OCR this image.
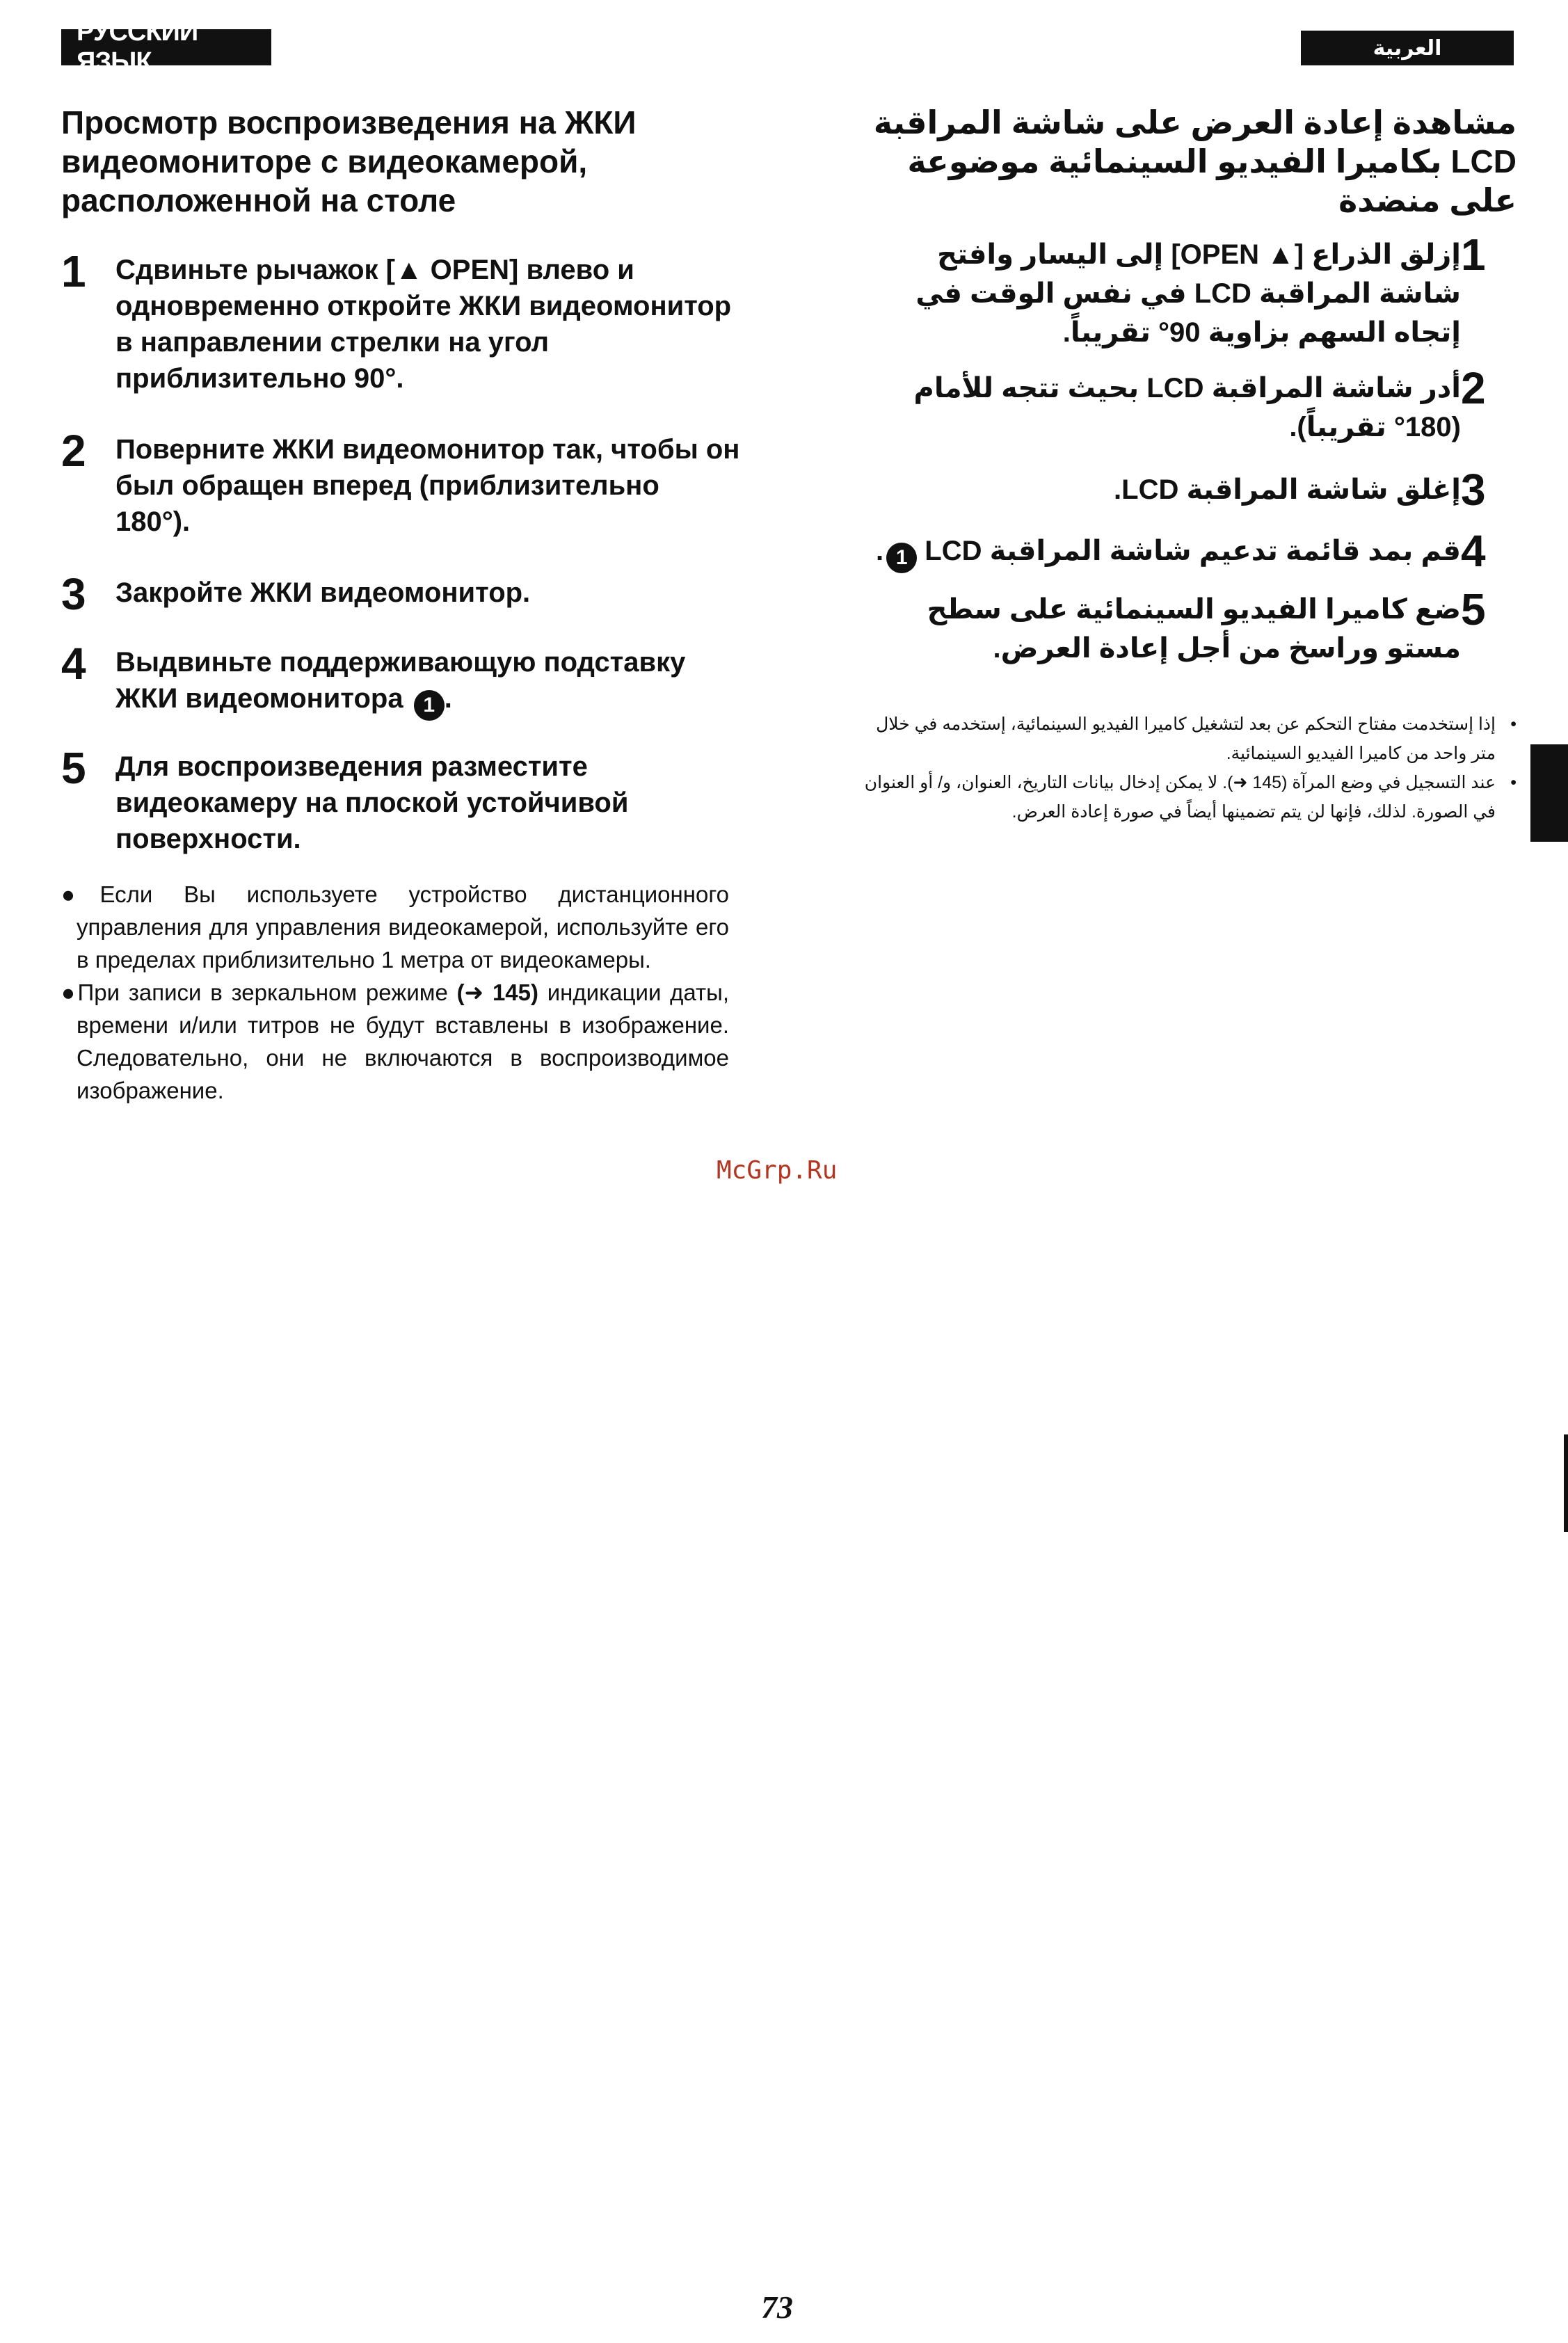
РУССКИЙ ЯЗЫК	العربية
Просмотр воспроизведения на ЖКИ видеомониторе с видеокамерой, расположенной на столе
1	Сдвиньте рычажок [▲ OPEN] влево и одновременно откройте ЖКИ видеомонитор в направлении стрелки на угол приблизительно 90°.
2	Поверните ЖКИ видеомонитор так, чтобы он был обращен вперед (приблизительно 180°).
3	Закройте ЖКИ видеомонитор.
4	Выдвиньте поддерживающую подставку ЖКИ видеомонитора 1 .
5	Для воспроизведения разместите видеокамеру на плоской устойчивой поверхности.
●Если Вы используете устройство дистанционного управления для управления видеокамерой, используйте его в пределах приблизительно 1 метра от видеокамеры.
●При записи в зеркальном режиме (➜ 145) индикации даты, времени и/или титров не будут вставлены в изображение. Следовательно, они не включаются в воспроизводимое изображение.
مشاهدة إعادة العرض على شاشة المراقبة LCD بكاميرا الفيديو السينمائية موضوعة على منضدة
1
إزلق الذراع [▲ OPEN] إلى اليسار وافتح شاشة المراقبة LCD في نفس الوقت في إتجاه السهم بزاوية 90° تقريباً.
2
أدر شاشة المراقبة LCD بحيث تتجه للأمام (180° تقريباً).
3
إغلق شاشة المراقبة LCD.
4
قم بمد قائمة تدعيم شاشة المراقبة LCD 1.
5
ضع كاميرا الفيديو السينمائية على سطح مستو وراسخ من أجل إعادة العرض.
• إذا إستخدمت مفتاح التحكم عن بعد لتشغيل كاميرا الفيديو السينمائية، إستخدمه في خلال متر واحد من كاميرا الفيديو السينمائية.
• عند التسجيل في وضع المرآة (145 ➜). لا يمكن إدخال بيانات التاريخ، العنوان، و/ أو العنوان في الصورة. لذلك، فإنها لن يتم تضمينها أيضاً في صورة إعادة العرض.
McGrp.Ru
73
